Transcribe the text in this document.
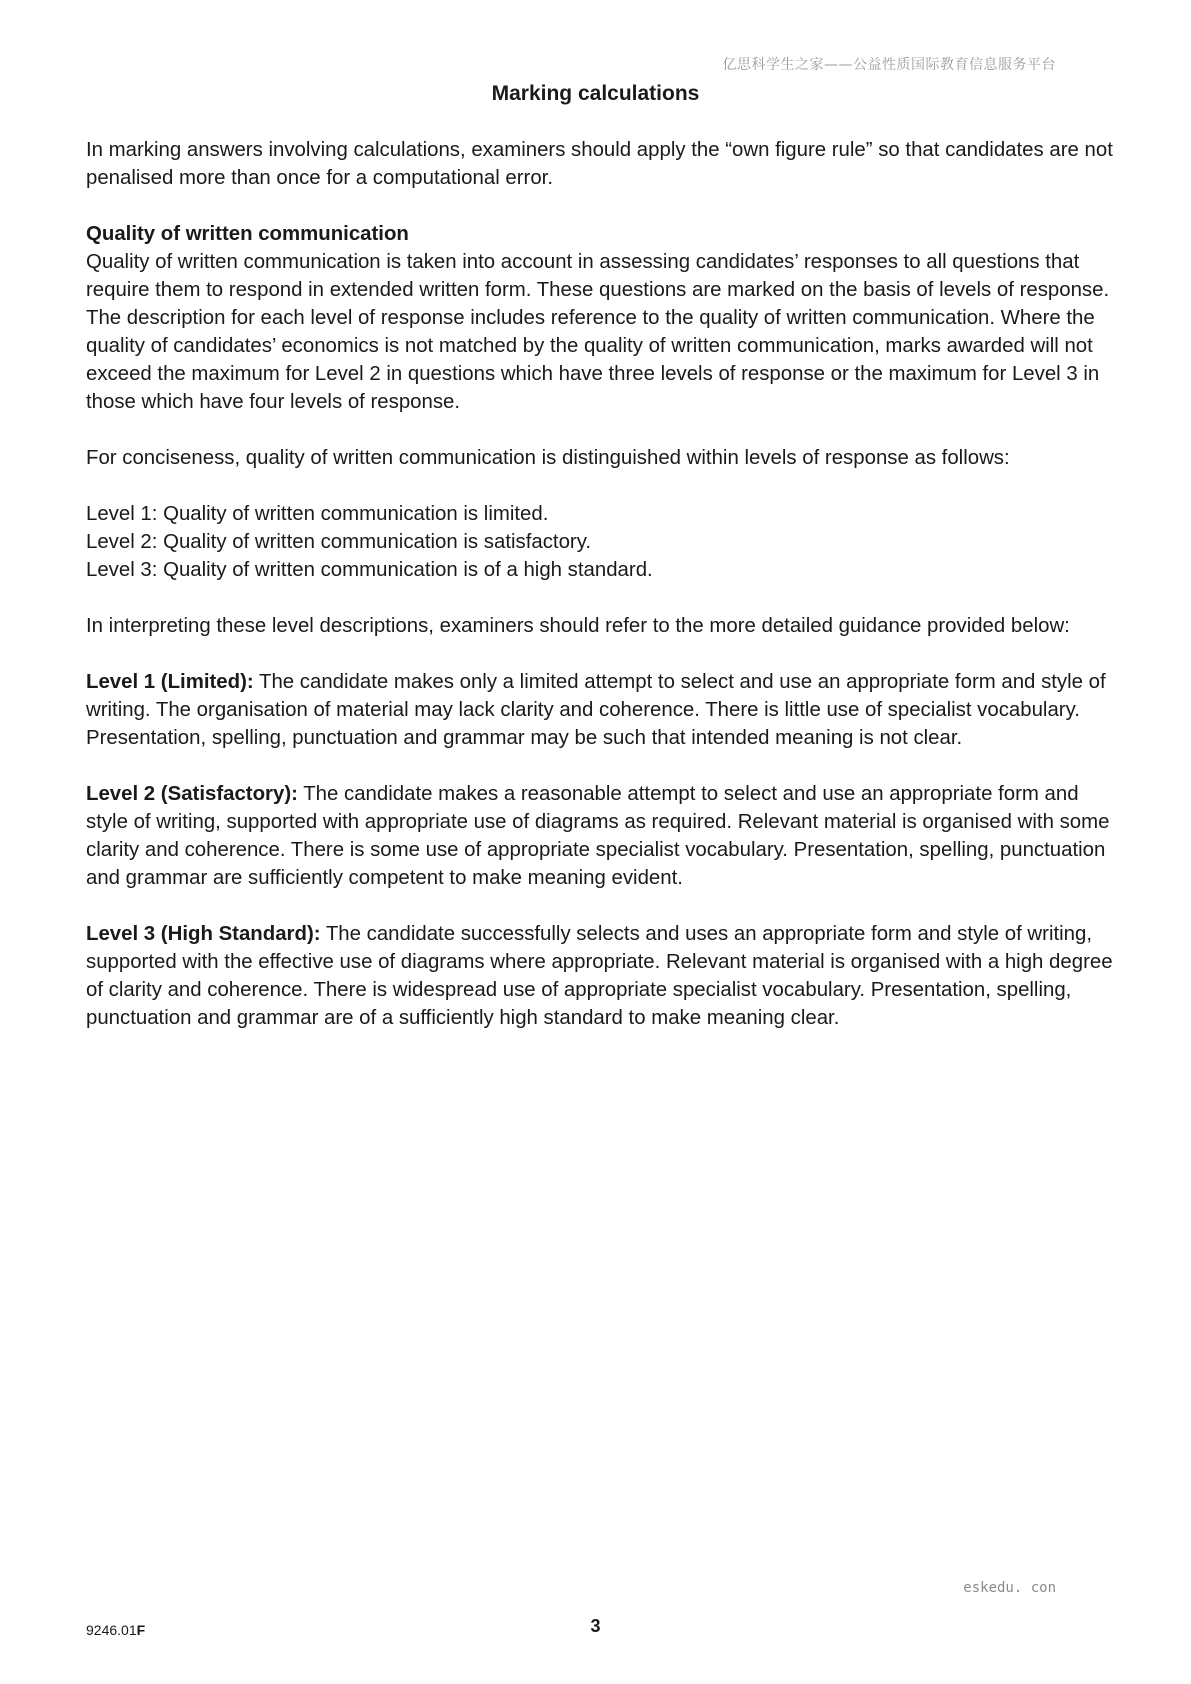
亿思科学生之家——公益性质国际教育信息服务平台
Marking calculations

In marking answers involving calculations, examiners should apply the “own figure rule” so that candidates are not penalised more than once for a computational error.

Quality of written communication
Quality of written communication is taken into account in assessing candidates’ responses to all questions that require them to respond in extended written form. These questions are marked on the basis of levels of response. The description for each level of response includes reference to the quality of written communication. Where the quality of candidates’ economics is not matched by the quality of written communication, marks awarded will not exceed the maximum for Level 2 in questions which have three levels of response or the maximum for Level 3 in those which have four levels of response.

For conciseness, quality of written communication is distinguished within levels of response as follows:

Level 1: Quality of written communication is limited.
Level 2: Quality of written communication is satisfactory.
Level 3: Quality of written communication is of a high standard.

In interpreting these level descriptions, examiners should refer to the more detailed guidance provided below:

Level 1 (Limited): The candidate makes only a limited attempt to select and use an appropriate form and style of writing. The organisation of material may lack clarity and coherence. There is little use of specialist vocabulary. Presentation, spelling, punctuation and grammar may be such that intended meaning is not clear.

Level 2 (Satisfactory): The candidate makes a reasonable attempt to select and use an appropriate form and style of writing, supported with appropriate use of diagrams as required. Relevant material is organised with some clarity and coherence. There is some use of appropriate specialist vocabulary. Presentation, spelling, punctuation and grammar are sufficiently competent to make meaning evident.

Level 3 (High Standard): The candidate successfully selects and uses an appropriate form and style of writing, supported with the effective use of diagrams where appropriate. Relevant material is organised with a high degree of clarity and coherence. There is widespread use of appropriate specialist vocabulary. Presentation, spelling, punctuation and grammar are of a sufficiently high standard to make meaning clear.

eskedu. con
9246.01F	3
